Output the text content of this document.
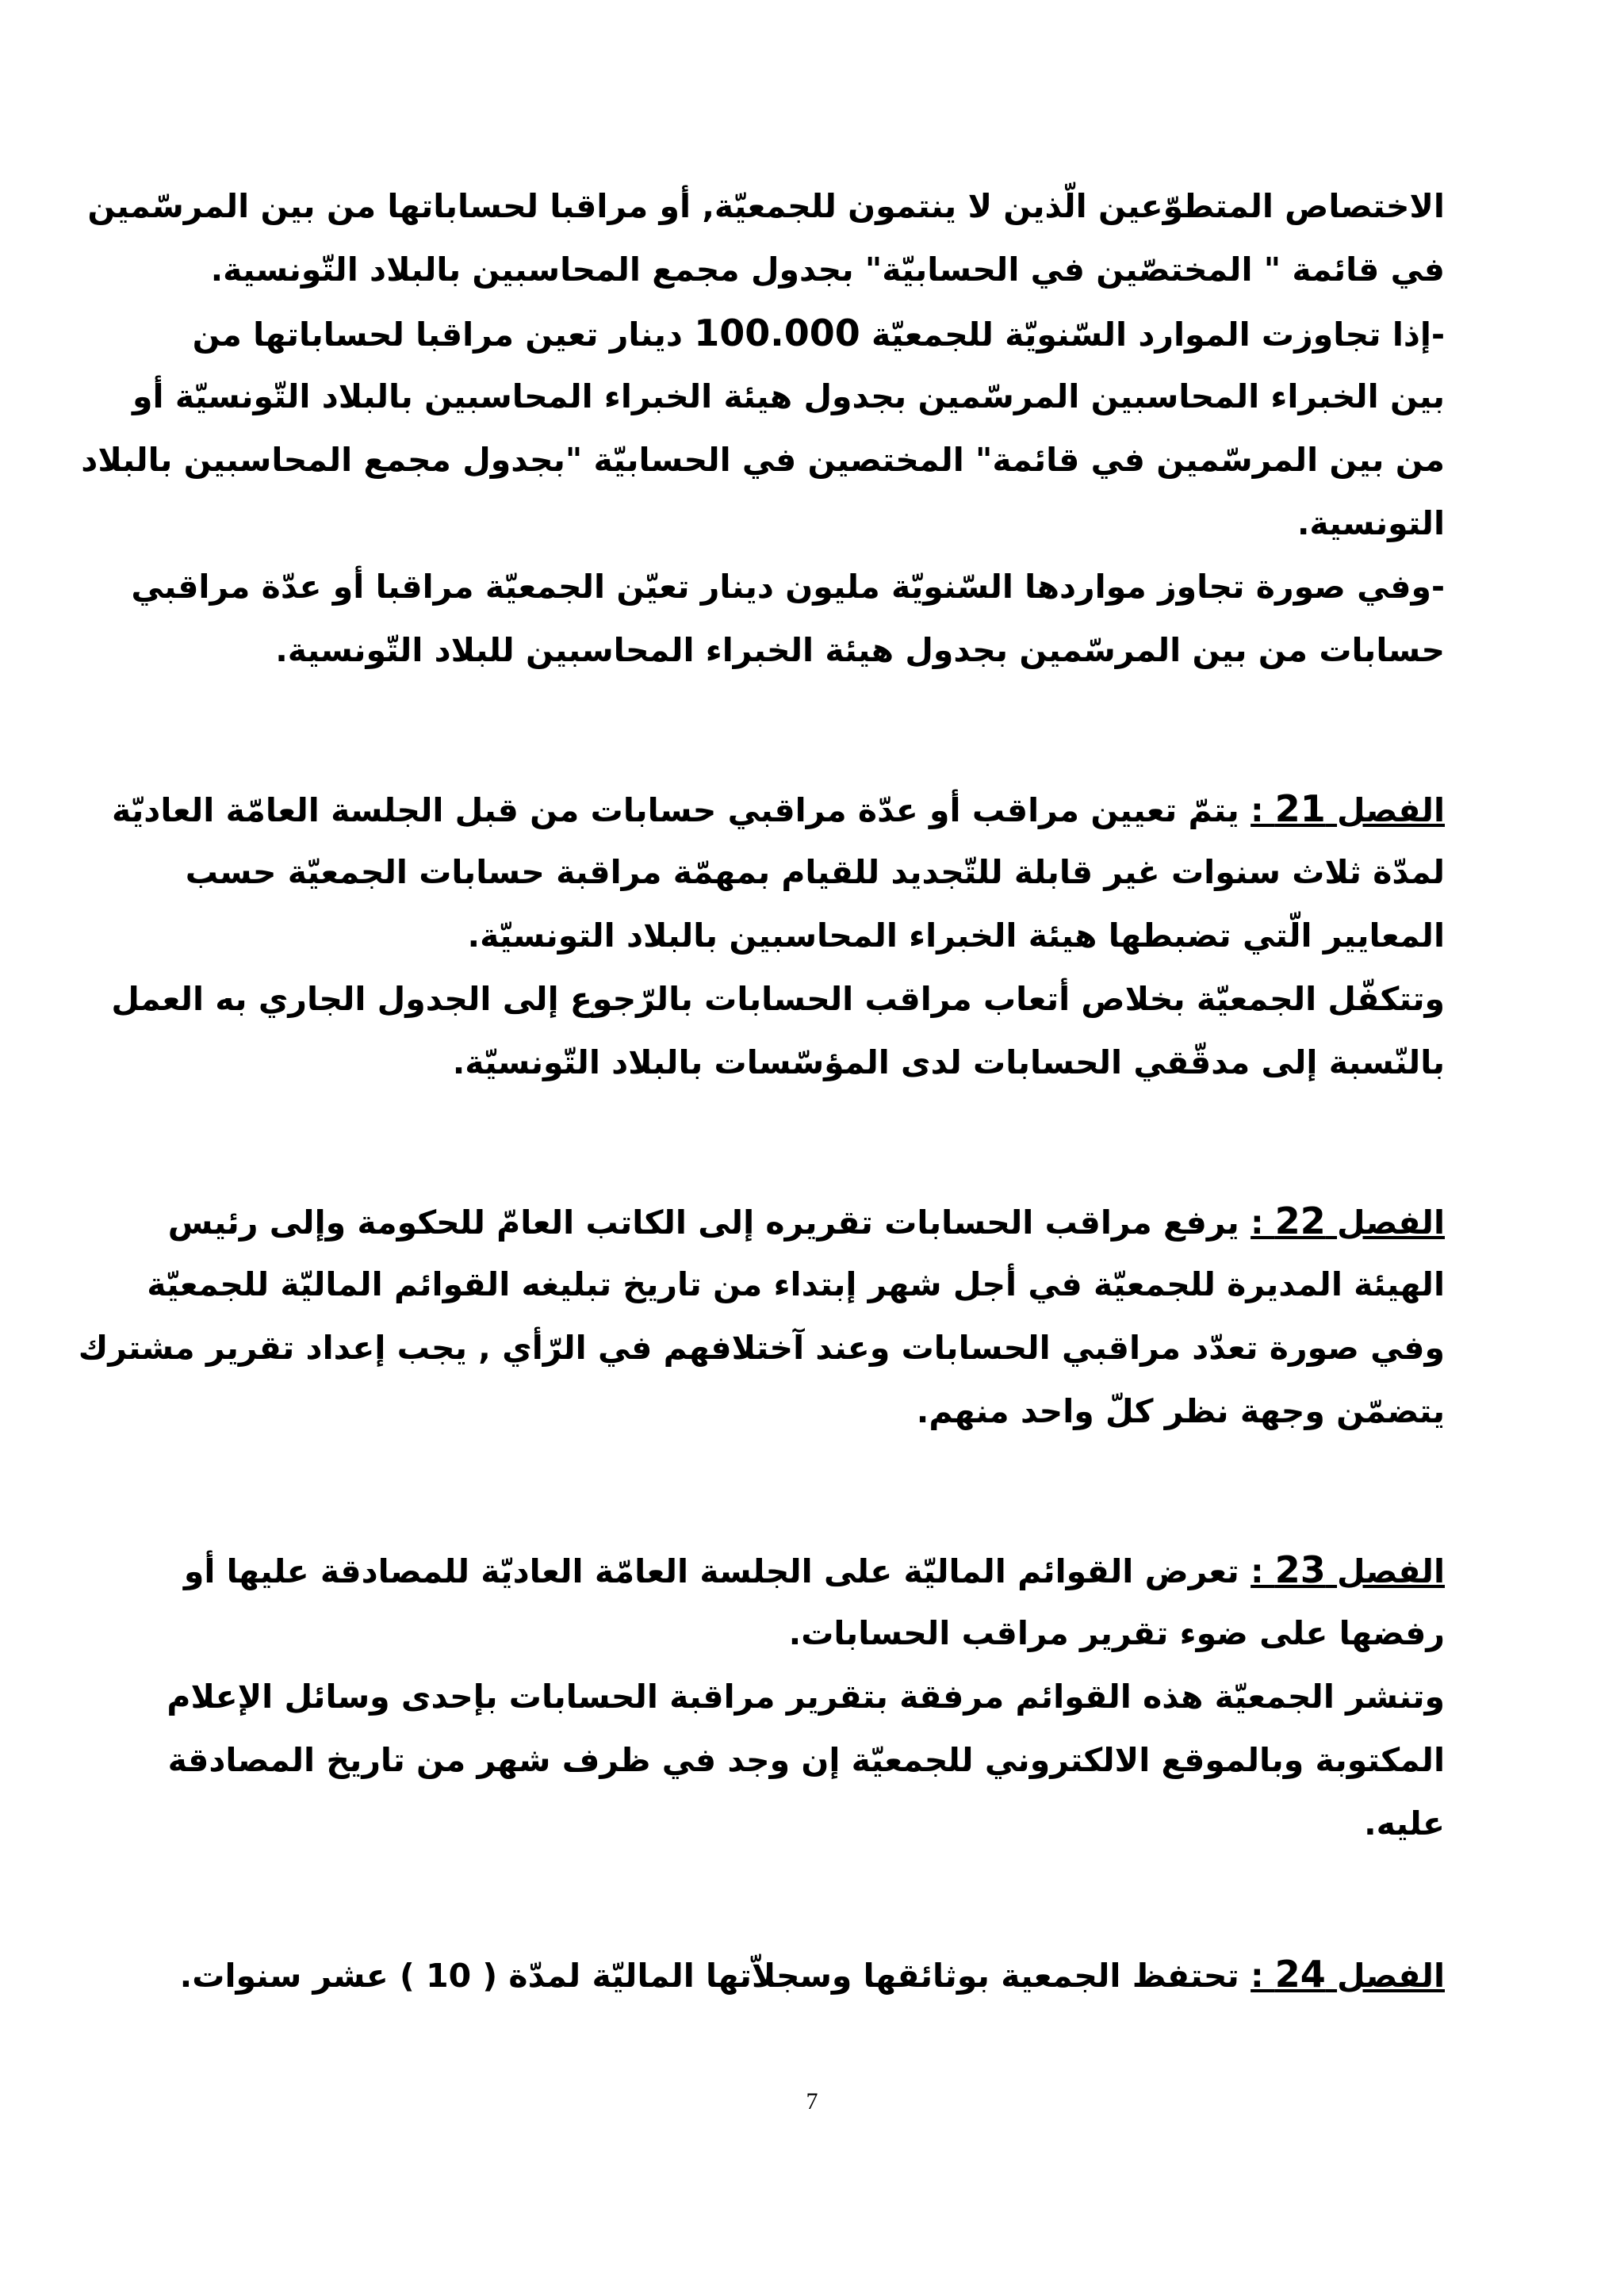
الاختصاص المتطوّعين الّذين لا ينتمون للجمعيّة, أو مراقبا لحساباتها من بين المرسّمين
في قائمة " المختصّين في الحسابيّة" بجدول مجمع المحاسبين بالبلاد التّونسية.
-إذا تجاوزت الموارد السّنويّة للجمعيّة 100.000 دينار تعين مراقبا لحساباتها من
بين الخبراء المحاسبين المرسّمين بجدول هيئة الخبراء المحاسبين بالبلاد التّونسيّة أو
من بين المرسّمين في قائمة" المختصين في الحسابيّة "بجدول مجمع المحاسبين بالبلاد
التونسية.
-وفي صورة تجاوز مواردها السّنويّة مليون دينار تعيّن الجمعيّة مراقبا أو عدّة مراقبي
حسابات من بين المرسّمين بجدول هيئة الخبراء المحاسبين للبلاد التّونسية.
الفصل 21 : يتمّ تعيين مراقب أو عدّة مراقبي حسابات من قبل الجلسة العامّة العاديّة
لمدّة ثلاث سنوات غير قابلة للتّجديد للقيام بمهمّة مراقبة حسابات الجمعيّة حسب
المعايير الّتي تضبطها هيئة الخبراء المحاسبين بالبلاد التونسيّة.
وتتكفّل الجمعيّة بخلاص أتعاب مراقب الحسابات بالرّجوع إلى الجدول الجاري به العمل
بالنّسبة إلى مدقّقي الحسابات لدى المؤسّسات بالبلاد التّونسيّة.
الفصل 22 : يرفع مراقب الحسابات تقريره إلى الكاتب العامّ للحكومة وإلى رئيس
الهيئة المديرة للجمعيّة في أجل شهر إبتداء من تاريخ تبليغه القوائم الماليّة للجمعيّة
وفي صورة تعدّد مراقبي الحسابات وعند آختلافهم في الرّأي , يجب إعداد تقرير مشترك
يتضمّن وجهة نظر كلّ واحد منهم.
الفصل 23 : تعرض القوائم الماليّة على الجلسة العامّة العاديّة للمصادقة عليها أو
رفضها على ضوء تقرير مراقب الحسابات.
وتنشر الجمعيّة هذه القوائم مرفقة بتقرير مراقبة الحسابات بإحدى وسائل الإعلام
المكتوبة وبالموقع الالكتروني للجمعيّة إن وجد في ظرف شهر من تاريخ المصادقة
عليه.
الفصل 24 : تحتفظ الجمعية بوثائقها وسجلاّتها الماليّة لمدّة ( 10 ) عشر سنوات.
7
